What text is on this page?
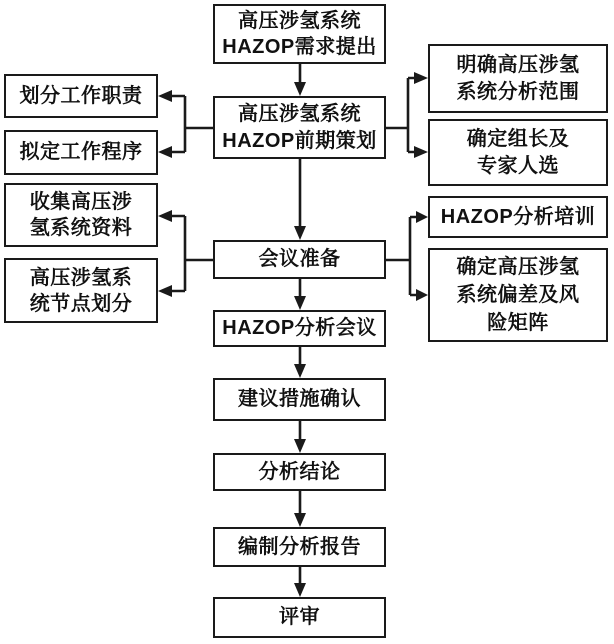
高压涉氢系统
HAZOP需求提出
高压涉氢系统
HAZOP前期策划
会议准备
HAZOP分析会议
建议措施确认
分析结论
编制分析报告
评审
划分工作职责
拟定工作程序
收集高压涉
氢系统资料
高压涉氢系
统节点划分
明确高压涉氢
系统分析范围
确定组长及
专家人选
HAZOP分析培训
确定高压涉氢
系统偏差及风
险矩阵
